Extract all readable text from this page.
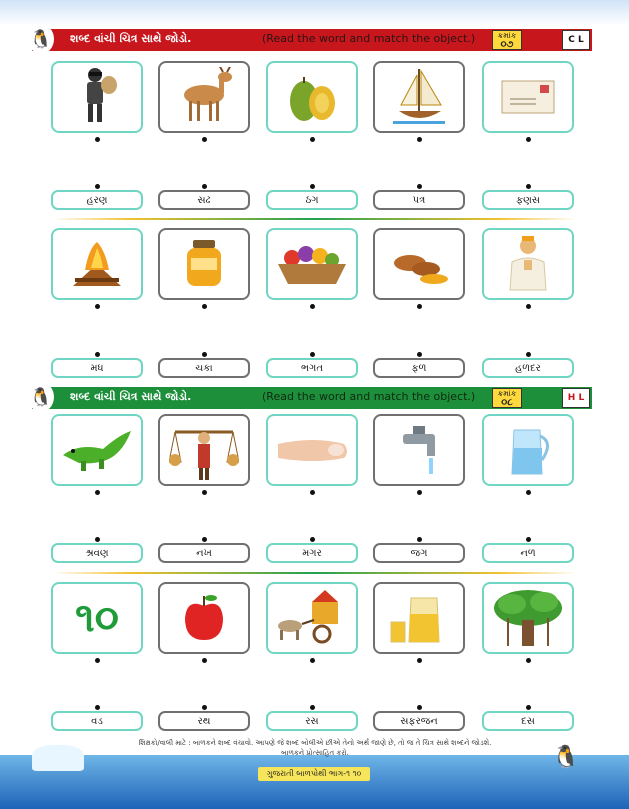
🐧 શબ્દ વાંચી ચિત્ર સાથે જોડો.	(Read the word and match the object.)	ક્રમાંક
૦૭	C L
હરણ	સઢ	ઠગ	પત્ર	ફણસ
મધ	ચકા	ભગત	ફળ	હળદર
🐧 શબ્દ વાંચી ચિત્ર સાથે જોડો.	(Read the word and match the object.)	ક્રમાંક
૦૮	H L
શ્રવણ	નખ	મગર	જગ	નળ
૧૦
વડ	રથ	રસ	સફરજન	દસ
🐧
શિક્ષકો/વાલી માટે : બાળકને શબ્દ વંચાવો. આપણે જે શબ્દ બોલીએ છીએ તેનો અર્થ જાણે છે, તો જ તે ચિત્ર સાથે શબ્દને જોડશે.
બાળકને પ્રોત્સાહિત કરો.
ગુજરાતી બાળપોથી ભાગ-૧ ૧૦
